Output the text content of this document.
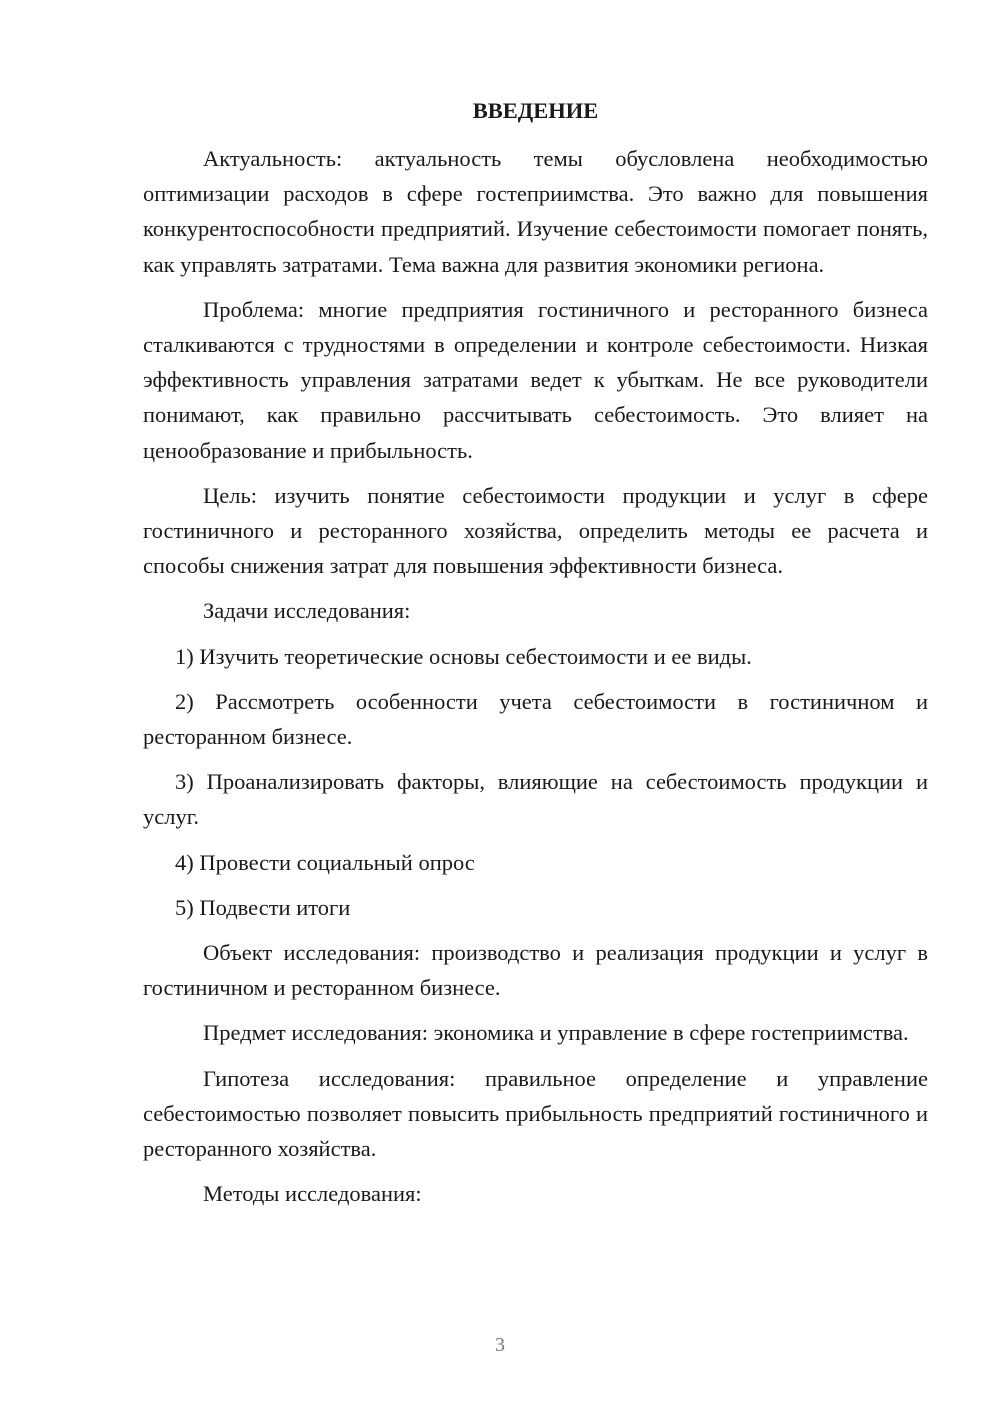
ВВЕДЕНИЕ

Актуальность: актуальность темы обусловлена необходимостью оптимизации расходов в сфере гостеприимства. Это важно для повышения конкурентоспособности предприятий. Изучение себестоимости помогает понять, как управлять затратами. Тема важна для развития экономики региона.

Проблема: многие предприятия гостиничного и ресторанного бизнеса сталкиваются с трудностями в определении и контроле себестоимости. Низкая эффективность управления затратами ведет к убыткам. Не все руководители понимают, как правильно рассчитывать себестоимость. Это влияет на ценообразование и прибыльность.

Цель: изучить понятие себестоимости продукции и услуг в сфере гостиничного и ресторанного хозяйства, определить методы ее расчета и способы снижения затрат для повышения эффективности бизнеса.

Задачи исследования:

1) Изучить теоретические основы себестоимости и ее виды.

2) Рассмотреть особенности учета себестоимости в гостиничном и ресторанном бизнесе.

3) Проанализировать факторы, влияющие на себестоимость продукции и услуг.

4) Провести социальный опрос

5) Подвести итоги

Объект исследования: производство и реализация продукции и услуг в гостиничном и ресторанном бизнесе.

Предмет исследования: экономика и управление в сфере гостеприимства.

Гипотеза исследования: правильное определение и управление себестоимостью позволяет повысить прибыльность предприятий гостиничного и ресторанного хозяйства.

Методы исследования:

3
